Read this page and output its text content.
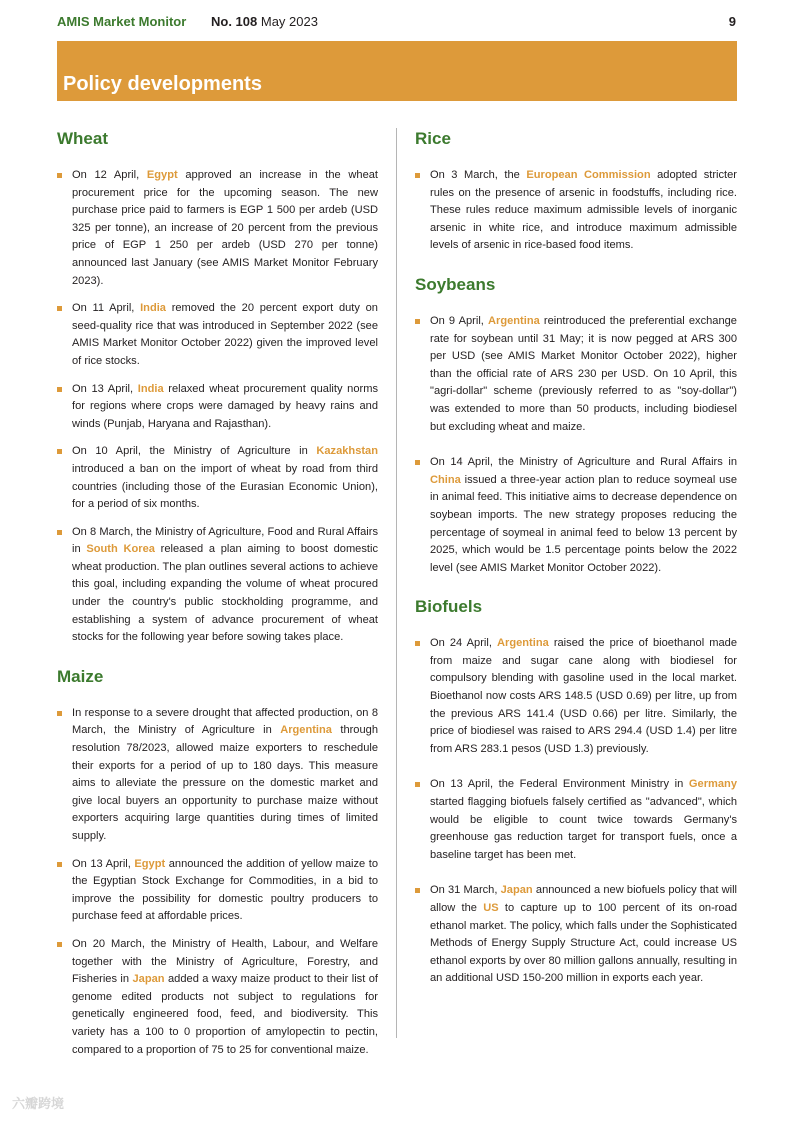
AMIS Market Monitor No. 108 May 2023	9
Policy developments
Wheat
On 12 April, Egypt approved an increase in the wheat procurement price for the upcoming season. The new purchase price paid to farmers is EGP 1 500 per ardeb (USD 325 per tonne), an increase of 20 percent from the previous price of EGP 1 250 per ardeb (USD 270 per tonne) announced last January (see AMIS Market Monitor February 2023).
On 11 April, India removed the 20 percent export duty on seed-quality rice that was introduced in September 2022 (see AMIS Market Monitor October 2022) given the improved level of rice stocks.
On 13 April, India relaxed wheat procurement quality norms for regions where crops were damaged by heavy rains and winds (Punjab, Haryana and Rajasthan).
On 10 April, the Ministry of Agriculture in Kazakhstan introduced a ban on the import of wheat by road from third countries (including those of the Eurasian Economic Union), for a period of six months.
On 8 March, the Ministry of Agriculture, Food and Rural Affairs in South Korea released a plan aiming to boost domestic wheat production. The plan outlines several actions to achieve this goal, including expanding the volume of wheat procured under the country's public stockholding programme, and establishing a system of advance procurement of wheat stocks for the following year before sowing takes place.
Maize
In response to a severe drought that affected production, on 8 March, the Ministry of Agriculture in Argentina through resolution 78/2023, allowed maize exporters to reschedule their exports for a period of up to 180 days. This measure aims to alleviate the pressure on the domestic market and give local buyers an opportunity to purchase maize without exporters acquiring large quantities during times of limited supply.
On 13 April, Egypt announced the addition of yellow maize to the Egyptian Stock Exchange for Commodities, in a bid to improve the possibility for domestic poultry producers to purchase feed at affordable prices.
On 20 March, the Ministry of Health, Labour, and Welfare together with the Ministry of Agriculture, Forestry, and Fisheries in Japan added a waxy maize product to their list of genome edited products not subject to regulations for genetically engineered food, feed, and biodiversity. This variety has a 100 to 0 proportion of amylopectin to pectin, compared to a proportion of 75 to 25 for conventional maize.
Rice
On 3 March, the European Commission adopted stricter rules on the presence of arsenic in foodstuffs, including rice. These rules reduce maximum admissible levels of inorganic arsenic in white rice, and introduce maximum admissible levels of arsenic in rice-based food items.
Soybeans
On 9 April, Argentina reintroduced the preferential exchange rate for soybean until 31 May; it is now pegged at ARS 300 per USD (see AMIS Market Monitor October 2022), higher than the official rate of ARS 230 per USD. On 10 April, this "agri-dollar" scheme (previously referred to as "soy-dollar") was extended to more than 50 products, including biodiesel but excluding wheat and maize.
On 14 April, the Ministry of Agriculture and Rural Affairs in China issued a three-year action plan to reduce soymeal use in animal feed. This initiative aims to decrease dependence on soybean imports. The new strategy proposes reducing the percentage of soymeal in animal feed to below 13 percent by 2025, which would be 1.5 percentage points below the 2022 level (see AMIS Market Monitor October 2022).
Biofuels
On 24 April, Argentina raised the price of bioethanol made from maize and sugar cane along with biodiesel for compulsory blending with gasoline used in the local market. Bioethanol now costs ARS 148.5 (USD 0.69) per litre, up from the previous ARS 141.4 (USD 0.66) per litre. Similarly, the price of biodiesel was raised to ARS 294.4 (USD 1.4) per litre from ARS 283.1 pesos (USD 1.3) previously.
On 13 April, the Federal Environment Ministry in Germany started flagging biofuels falsely certified as "advanced", which would be eligible to count twice towards Germany's greenhouse gas reduction target for transport fuels, once a baseline target has been met.
On 31 March, Japan announced a new biofuels policy that will allow the US to capture up to 100 percent of its on-road ethanol market. The policy, which falls under the Sophisticated Methods of Energy Supply Structure Act, could increase US ethanol exports by over 80 million gallons annually, resulting in an additional USD 150-200 million in exports each year.
六瓣跨境
